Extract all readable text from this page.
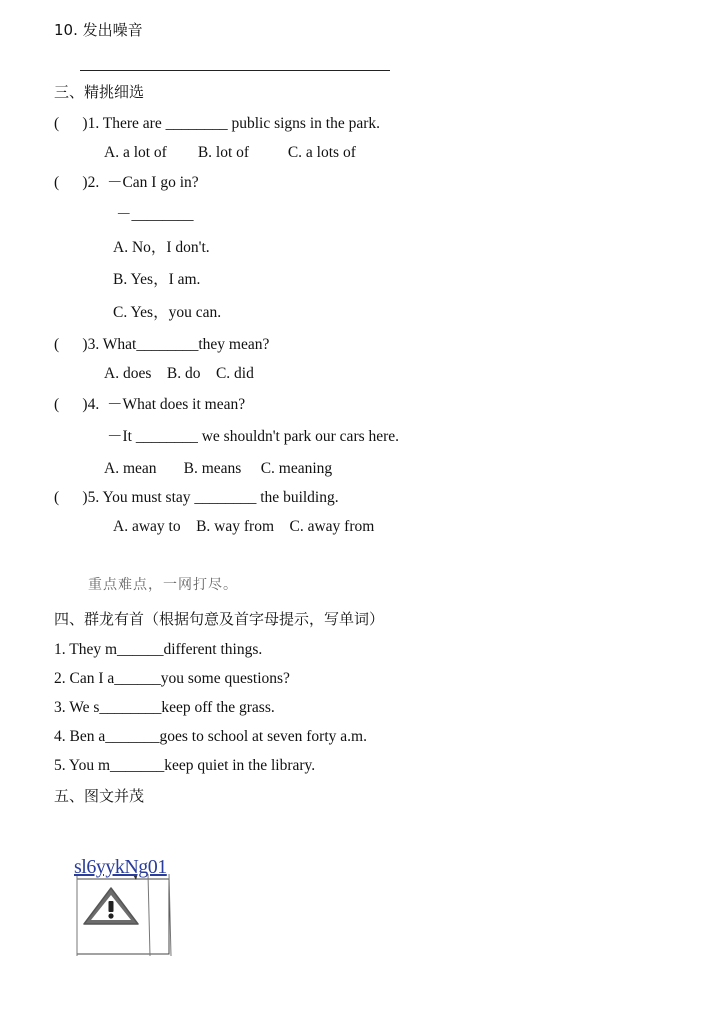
10. 发出噪音
三、精挑细选
(      )1. There are ________ public signs in the park.
A. a lot of        B. lot of          C. a lots of
(      )2.  －Can I go in?
－________
A. No，I don't.
B. Yes，I am.
C. Yes，you can.
(      )3. What________they mean?
A. does    B. do    C. did
(      )4.  －What does it mean?
－It ________ we shouldn't park our cars here.
A. mean       B. means     C. meaning
(      )5. You must stay ________ the building.
A. away to    B. way from    C. away from
重点难点，一网打尽。
四、群龙有首（根据句意及首字母提示，写单词）
1. They m______different things.
2. Can I a______you some questions?
3. We s________keep off the grass.
4. Ben a_______goes to school at seven forty a.m.
5. You m_______keep quiet in the library.
五、图文并茂
sl6yykNg01
